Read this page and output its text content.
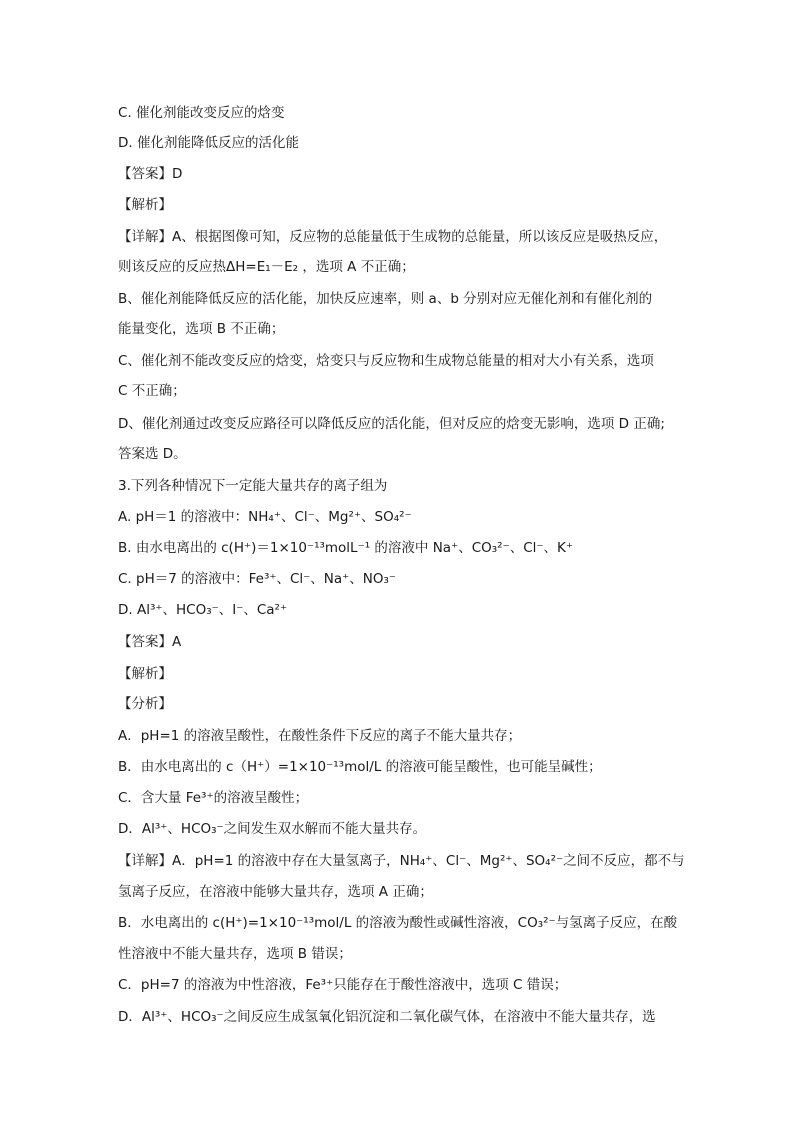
C. 催化剂能改变反应的焓变
D. 催化剂能降低反应的活化能
【答案】D
【解析】
【详解】A、根据图像可知，反应物的总能量低于生成物的总能量，所以该反应是吸热反应，
则该反应的反应热ΔH=E₁－E₂ ，选项 A 不正确；
B、催化剂能降低反应的活化能，加快反应速率，则 a、b 分别对应无催化剂和有催化剂的
能量变化，选项 B 不正确；
C、催化剂不能改变反应的焓变，焓变只与反应物和生成物总能量的相对大小有关系，选项
C 不正确；
D、催化剂通过改变反应路径可以降低反应的活化能，但对反应的焓变无影响，选项 D 正确;
答案选 D。
3.下列各种情况下一定能大量共存的离子组为
A. pH＝1 的溶液中：NH₄⁺、Cl⁻、Mg²⁺、SO₄²⁻
B. 由水电离出的 c(H⁺)＝1×10⁻¹³molL⁻¹ 的溶液中 Na⁺、CO₃²⁻、Cl⁻、K⁺
C. pH＝7 的溶液中：Fe³⁺、Cl⁻、Na⁺、NO₃⁻
D. Al³⁺、HCO₃⁻、I⁻、Ca²⁺
【答案】A
【解析】
【分析】
A．pH=1 的溶液呈酸性，在酸性条件下反应的离子不能大量共存；
B．由水电离出的 c（H⁺）=1×10⁻¹³mol/L 的溶液可能呈酸性，也可能呈碱性；
C．含大量 Fe³⁺的溶液呈酸性；
D．Al³⁺、HCO₃⁻之间发生双水解而不能大量共存。
【详解】A．pH=1 的溶液中存在大量氢离子，NH₄⁺、Cl⁻、Mg²⁺、SO₄²⁻之间不反应，都不与
氢离子反应，在溶液中能够大量共存，选项 A 正确；
B．水电离出的 c(H⁺)=1×10⁻¹³mol/L 的溶液为酸性或碱性溶液，CO₃²⁻与氢离子反应，在酸
性溶液中不能大量共存，选项 B 错误；
C．pH=7 的溶液为中性溶液，Fe³⁺只能存在于酸性溶液中，选项 C 错误；
D．Al³⁺、HCO₃⁻之间反应生成氢氧化铝沉淀和二氧化碳气体，在溶液中不能大量共存，选
